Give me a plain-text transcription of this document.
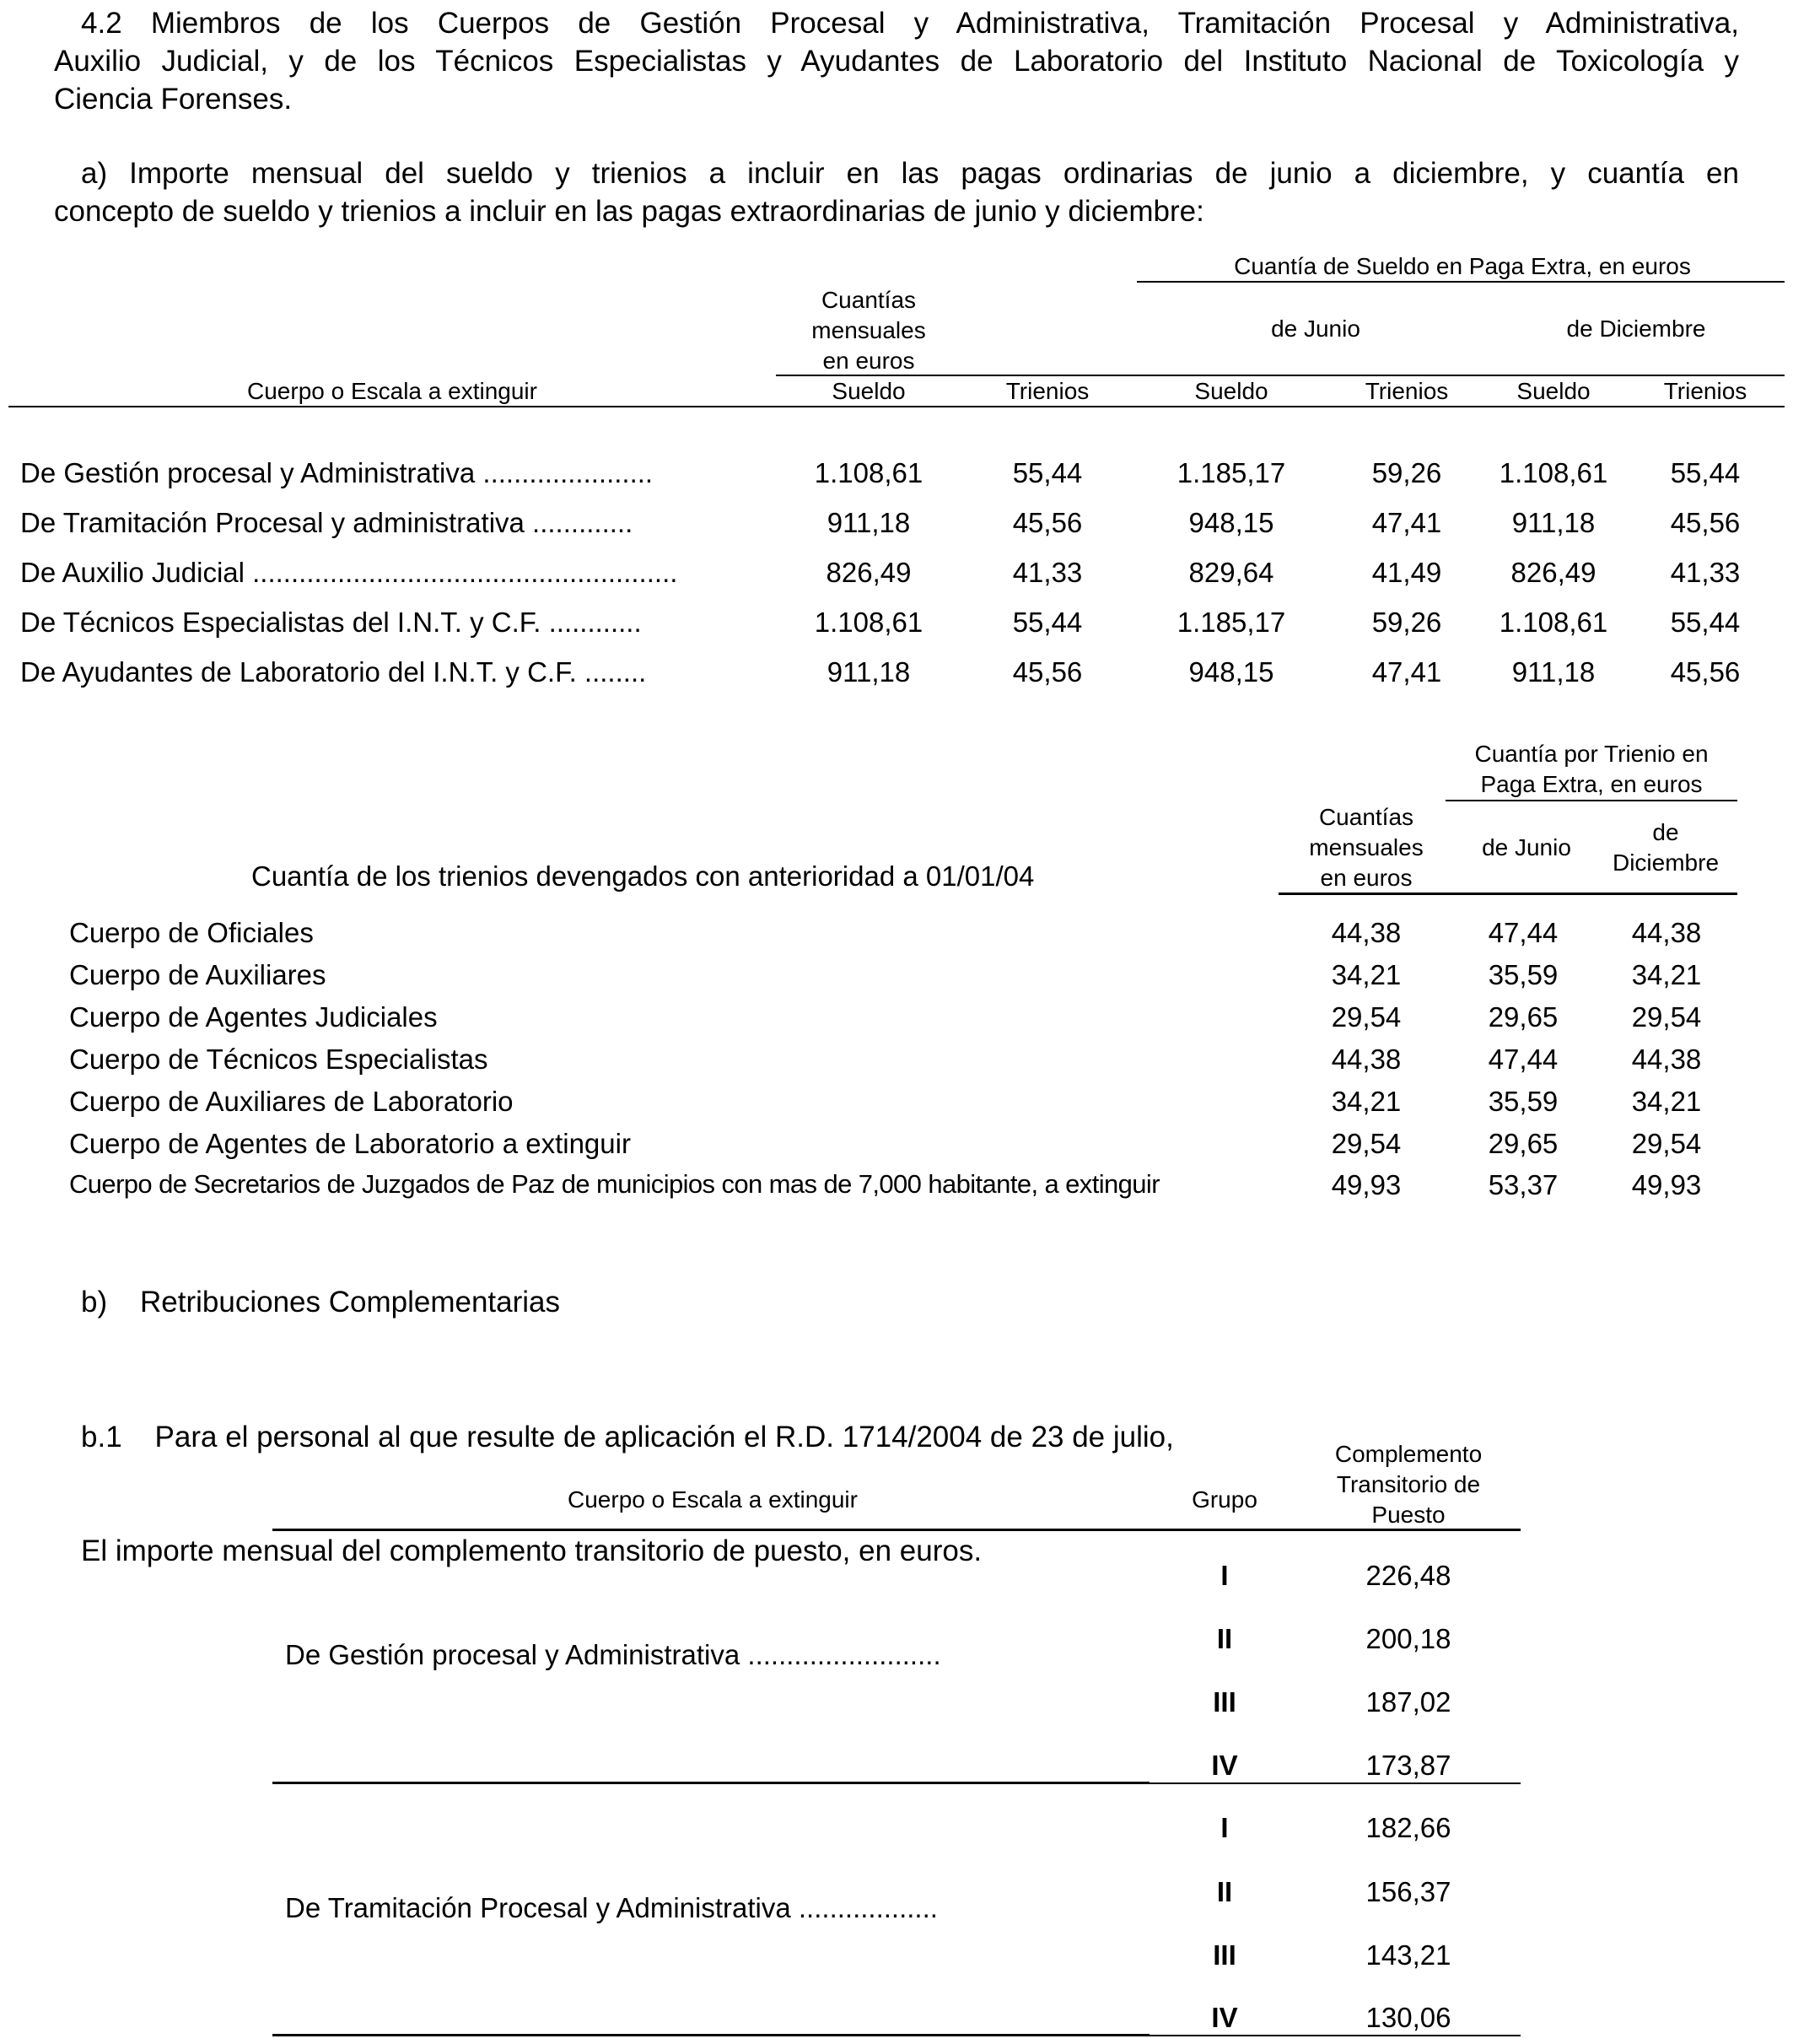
4.2 Miembros de los Cuerpos de Gestión Procesal y Administrativa, Tramitación Procesal y Administrativa,
Auxilio Judicial, y de los Técnicos Especialistas y Ayudantes de Laboratorio del Instituto Nacional de Toxicología y
Ciencia Forenses.
a) Importe mensual del sueldo y trienios a incluir en las pagas ordinarias de junio a diciembre, y cuantía en
concepto de sueldo y trienios a incluir en las pagas extraordinarias de junio y diciembre:
Cuantía de Sueldo en Paga Extra, en euros
Cuantías
mensuales
en euros
de Junio	de Diciembre
Cuerpo o Escala a extinguir	Sueldo	Trienios	Sueldo	Trienios	Sueldo	Trienios
De Gestión procesal y Administrativa ......................	1.108,61	55,44	1.185,17	59,26	1.108,61	55,44
De Tramitación Procesal y administrativa .............	911,18	45,56	948,15	47,41	911,18	45,56
De Auxilio Judicial .......................................................	826,49	41,33	829,64	41,49	826,49	41,33
De Técnicos Especialistas del I.N.T. y C.F. ............	1.108,61	55,44	1.185,17	59,26	1.108,61	55,44
De Ayudantes de Laboratorio del I.N.T. y C.F. ........	911,18	45,56	948,15	47,41	911,18	45,56
Cuantía por Trienio en
Paga Extra, en euros
Cuantías
mensuales
en euros
de Junio
de
Diciembre
Cuantía de los trienios devengados con anterioridad a 01/01/04
Cuerpo de Oficiales	44,38	47,44	44,38
Cuerpo de Auxiliares	34,21	35,59	34,21
Cuerpo de Agentes Judiciales	29,54	29,65	29,54
Cuerpo de Técnicos Especialistas	44,38	47,44	44,38
Cuerpo de Auxiliares de Laboratorio	34,21	35,59	34,21
Cuerpo de Agentes de Laboratorio a extinguir	29,54	29,65	29,54
Cuerpo de Secretarios de Juzgados de Paz de municipios con mas de 7,000 habitante, a extinguir	49,93	53,37	49,93
b)    Retribuciones Complementarias

b.1    Para el personal al que resulte de aplicación el R.D. 1714/2004 de 23 de julio,

El importe mensual del complemento transitorio de puesto, en euros.

Cuerpo o Escala a extinguir	Grupo
Complemento
Transitorio de
Puesto
De Gestión procesal y Administrativa .........................
I	226,48
II	200,18
III	187,02
IV	173,87
De Tramitación Procesal y Administrativa ..................
I	182,66
II	156,37
III	143,21
IV	130,06
